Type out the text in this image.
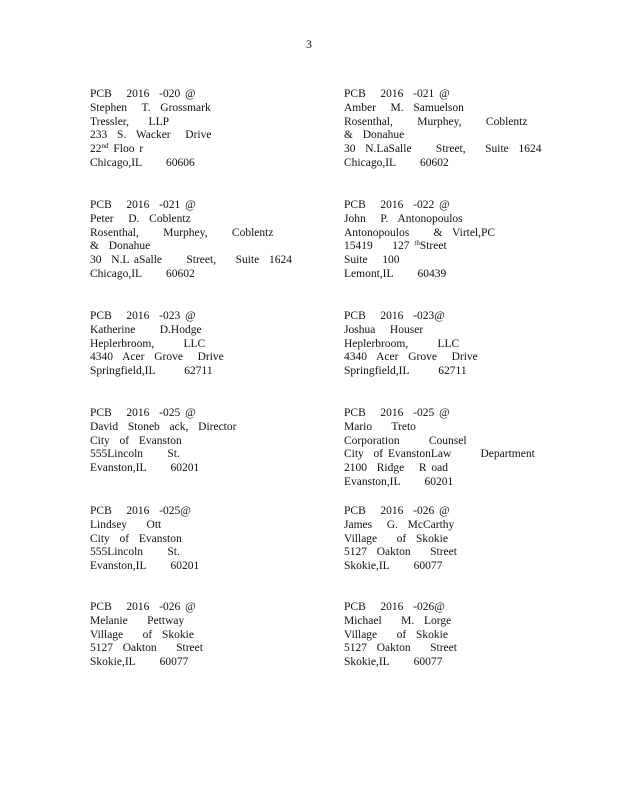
3
PCB   2016  -020 @
Stephen   T.  Grossmark
Tressler,    LLP
233  S.  Wacker   Drive
22nd Floo r
Chicago,IL     60606
PCB   2016  -021 @
Amber   M.  Samuelson
Rosenthal,     Murphey,     Coblentz
&  Donahue
30  N.LaSalle     Street,    Suite  1624
Chicago,IL     60602
PCB   2016  -021 @
Peter   D.  Coblentz
Rosenthal,     Murphey,     Coblentz
&  Donahue
30  N.L aSalle     Street,    Suite  1624
Chicago,IL     60602
PCB   2016  -022 @
John   P.  Antonopoulos
Antonopoulos     &  Virtel,PC
15419    127 $^{th}$Street
Suite   100
Lemont,IL     60439
PCB   2016  -023 @
Katherine     D.Hodge
Heplerbroom,      LLC
4340  Acer  Grove   Drive
Springfield,IL      62711
PCB   2016  -023@
Joshua   Houser
Heplerbroom,      LLC
4340  Acer  Grove   Drive
Springfield,IL      62711
PCB   2016  -025 @
David  Stoneb  ack,  Director
City  of  Evanston
555Lincoln     St.
Evanston,IL     60201
PCB   2016  -025 @
Mario    Treto
Corporation      Counsel
City  of EvanstonLaw      Department
2100  Ridge   R oad
Evanston,IL     60201
PCB   2016  -025@
Lindsey    Ott
City  of  Evanston
555Lincoln     St.
Evanston,IL     60201
PCB   2016  -026 @
James   G.  McCarthy
Village    of  Skokie
5127  Oakton    Street
Skokie,IL     60077
PCB   2016  -026 @
Melanie    Pettway
Village    of  Skokie
5127  Oakton    Street
Skokie,IL     60077
PCB   2016  -026@
Michael    M.  Lorge
Village    of  Skokie
5127  Oakton    Street
Skokie,IL     60077
